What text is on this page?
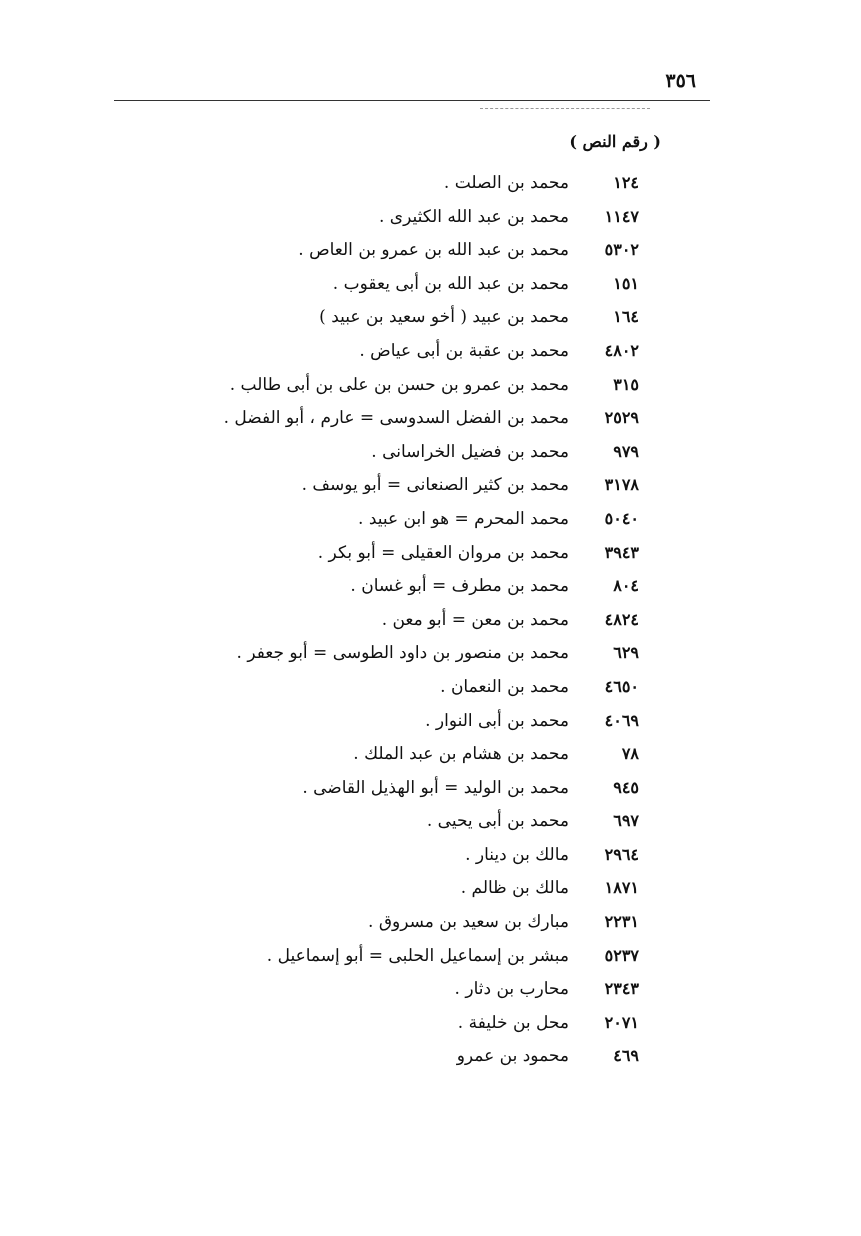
٣٥٦
( رقم النص )
١٢٤
محمد بن الصلت .
١١٤٧
محمد بن عبد الله الكثيرى .
٥٣٠٢
محمد بن عبد الله بن عمرو بن العاص .
١٥١
محمد بن عبد الله بن أبى يعقوب .
١٦٤
محمد بن عبيد ( أخو سعيد بن عبيد )
٤٨٠٢
محمد بن عقبة بن أبى عياض .
٣١٥
محمد بن عمرو بن حسن بن على بن أبى طالب .
٢٥٢٩
محمد بن الفضل السدوسى = عارم ، أبو الفضل .
٩٧٩
محمد بن فضيل الخراسانى .
٣١٧٨
محمد بن كثير الصنعانى = أبو يوسف .
٥٠٤٠
محمد المحرم = هو ابن عبيد .
٣٩٤٣
محمد بن مروان العقيلى = أبو بكر .
٨٠٤
محمد بن مطرف = أبو غسان .
٤٨٢٤
محمد بن معن = أبو معن .
٦٢٩
محمد بن منصور بن داود الطوسى = أبو جعفر .
٤٦٥٠
محمد بن النعمان .
٤٠٦٩
محمد بن أبى النوار .
٧٨
محمد بن هشام بن عبد الملك .
٩٤٥
محمد بن الوليد = أبو الهذيل القاضى .
٦٩٧
محمد بن أبى يحيى .
٢٩٦٤
مالك بن دينار .
١٨٧١
مالك بن ظالم .
٢٢٣١
مبارك بن سعيد بن مسروق .
٥٢٣٧
مبشر بن إسماعيل الحلبى = أبو إسماعيل .
٢٣٤٣
محارب بن دثار .
٢٠٧١
محل بن خليفة .
٤٦٩
محمود بن عمرو
